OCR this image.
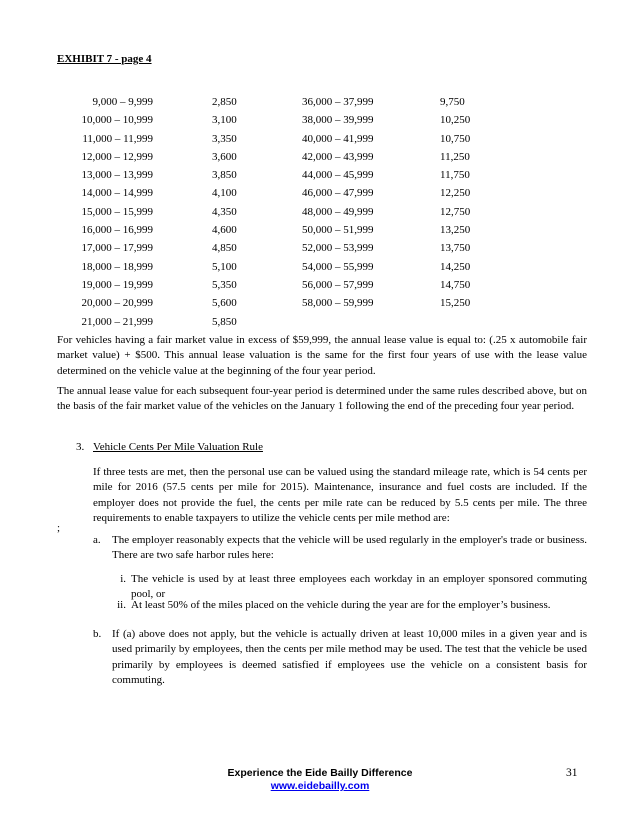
EXHIBIT 7 - page 4
9,000 – 9,999	2,850	36,000 – 37,999	9,750
10,000 – 10,999	3,100	38,000 – 39,999	10,250
11,000 – 11,999	3,350	40,000 – 41,999	10,750
12,000 – 12,999	3,600	42,000 – 43,999	11,250
13,000 – 13,999	3,850	44,000 – 45,999	11,750
14,000 – 14,999	4,100	46,000 – 47,999	12,250
15,000 – 15,999	4,350	48,000 – 49,999	12,750
16,000 – 16,999	4,600	50,000 – 51,999	13,250
17,000 – 17,999	4,850	52,000 – 53,999	13,750
18,000 – 18,999	5,100	54,000 – 55,999	14,250
19,000 – 19,999	5,350	56,000 – 57,999	14,750
20,000 – 20,999	5,600	58,000 – 59,999	15,250
21,000 – 21,999	5,850
For vehicles having a fair market value in excess of $59,999, the annual lease value is equal to: (.25 x automobile fair market value) + $500. This annual lease valuation is the same for the first four years of use with the lease value determined on the vehicle value at the beginning of the four year period.
The annual lease value for each subsequent four-year period is determined under the same rules described above, but on the basis of the fair market value of the vehicles on the January 1 following the end of the preceding four year period.
3. Vehicle Cents Per Mile Valuation Rule
If three tests are met, then the personal use can be valued using the standard mileage rate, which is 54 cents per mile for 2016 (57.5 cents per mile for 2015). Maintenance, insurance and fuel costs are included. If the employer does not provide the fuel, the cents per mile rate can be reduced by 5.5 cents per mile. The three requirements to enable taxpayers to utilize the vehicle cents per mile method are:
;
a. The employer reasonably expects that the vehicle will be used regularly in the employer's trade or business. There are two safe harbor rules here:
i. The vehicle is used by at least three employees each workday in an employer sponsored commuting pool, or
ii. At least 50% of the miles placed on the vehicle during the year are for the employer’s business.
b. If (a) above does not apply, but the vehicle is actually driven at least 10,000 miles in a given year and is used primarily by employees, then the cents per mile method may be used. The test that the vehicle be used primarily by employees is deemed satisfied if employees use the vehicle on a consistent basis for commuting.
Experience the Eide Bailly Difference
www.eidebailly.com
31
